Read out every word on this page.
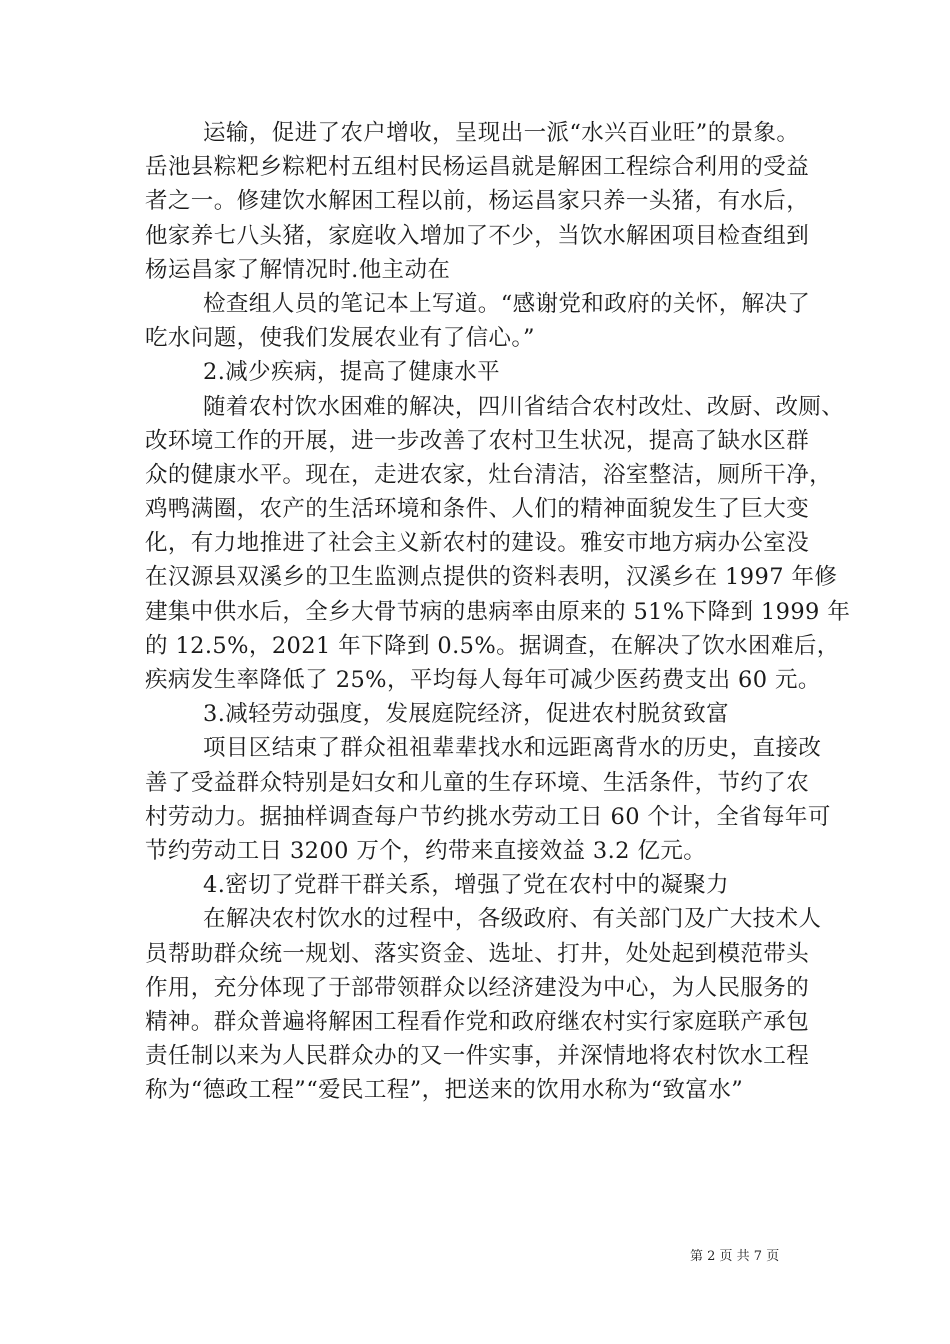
运输，促进了农户增收，呈现出一派“水兴百业旺”的景象。
岳池县粽粑乡粽粑村五组村民杨运昌就是解困工程综合利用的受益
者之一。修建饮水解困工程以前，杨运昌家只养一头猪，有水后，
他家养七八头猪，家庭收入增加了不少，当饮水解困项目检查组到
杨运昌家了解情况时.他主动在
检查组人员的笔记本上写道。“感谢党和政府的关怀，解决了
吃水问题，使我们发展农业有了信心。”
2.减少疾病，提高了健康水平
随着农村饮水困难的解决，四川省结合农村改灶、改厨、改厕、
改环境工作的开展，进一步改善了农村卫生状况，提高了缺水区群
众的健康水平。现在，走进农家，灶台清洁，浴室整洁，厕所干净，
鸡鸭满圈，农产的生活环境和条件、人们的精神面貌发生了巨大变
化，有力地推进了社会主义新农村的建设。雅安市地方病办公室没
在汉源县双溪乡的卫生监测点提供的资料表明，汉溪乡在 1997 年修
建集中供水后，全乡大骨节病的患病率由原来的 51%下降到 1999 年
的 12.5%，2021 年下降到 0.5%。据调查，在解决了饮水困难后，
疾病发生率降低了 25%，平均每人每年可减少医药费支出 60 元。
3.减轻劳动强度，发展庭院经济，促进农村脱贫致富
项目区结束了群众祖祖辈辈找水和远距离背水的历史，直接改
善了受益群众特别是妇女和儿童的生存环境、生活条件，节约了农
村劳动力。据抽样调查每户节约挑水劳动工日 60 个计，全省每年可
节约劳动工日 3200 万个，约带来直接效益 3.2 亿元。
4.密切了党群干群关系，增强了党在农村中的凝聚力
在解决农村饮水的过程中，各级政府、有关部门及广大技术人
员帮助群众统一规划、落实资金、选址、打井，处处起到模范带头
作用，充分体现了于部带领群众以经济建没为中心，为人民服务的
精神。群众普遍将解困工程看作党和政府继农村实行家庭联产承包
责任制以来为人民群众办的又一件实事，并深情地将农村饮水工程
称为“德政工程”“爱民工程”，把送来的饮用水称为“致富水”
第 2 页 共 7 页
